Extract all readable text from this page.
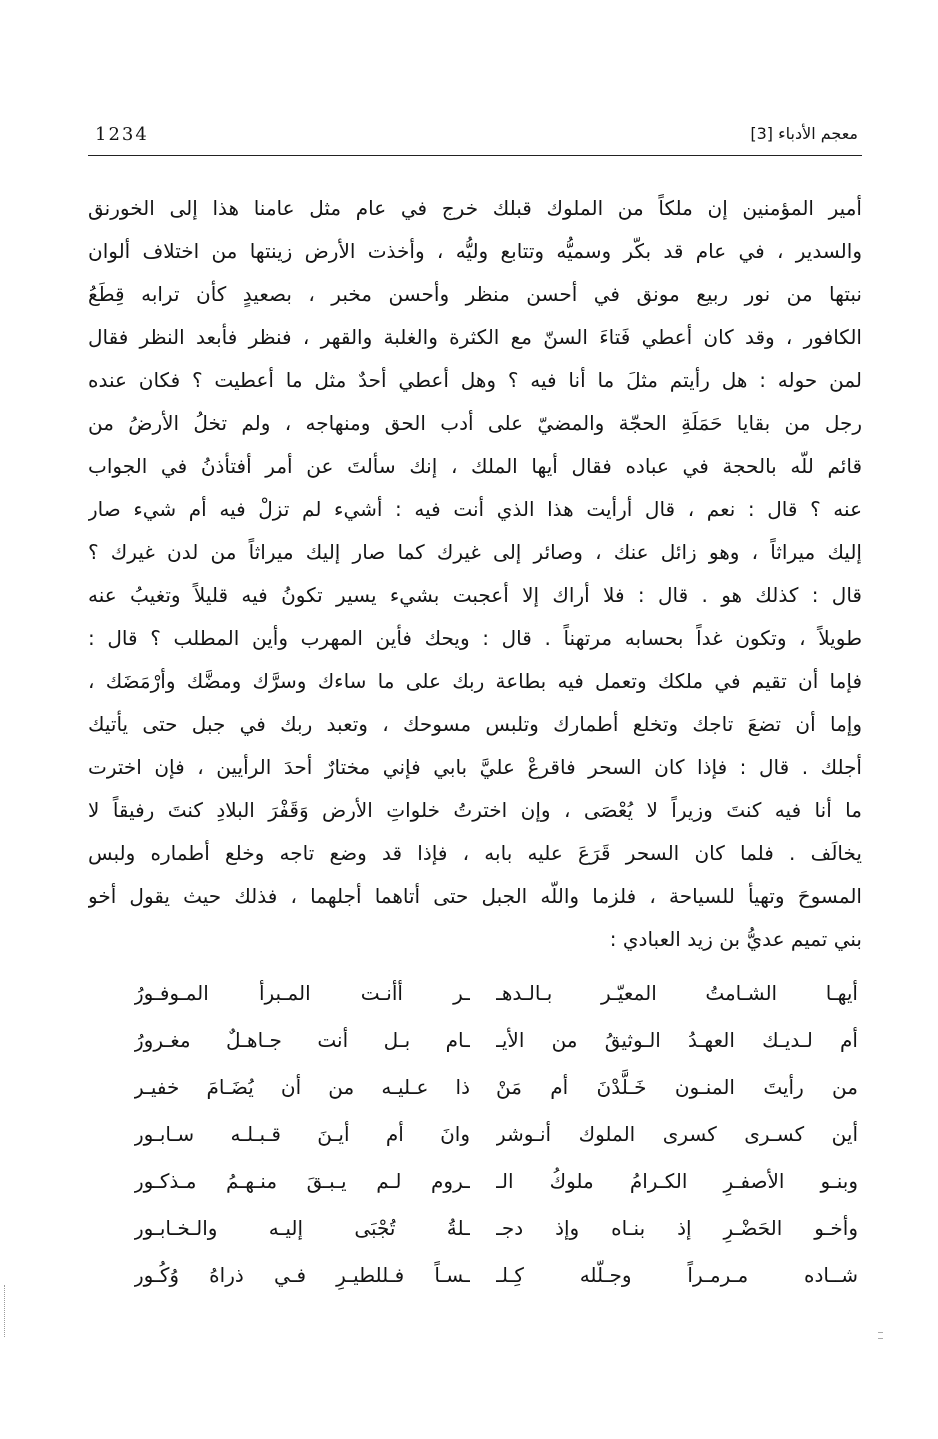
معجم الأدباء [3]
1234
أمير المؤمنين إن ملكاً من الملوك قبلك خرج في عام مثل عامنا هذا إلى الخورنق
والسدير ، في عام قد بكّر وسميُّه وتتابع وليُّه ، وأخذت الأرض زينتها من اختلاف ألوان
نبتها من نور ربيع مونق في أحسن منظر وأحسن مخبر ، بصعيدٍ كأن ترابه قِطَعُ
الكافور ، وقد كان أعطي فَتاءَ السنّ مع الكثرة والغلبة والقهر ، فنظر فأبعد النظر فقال
لمن حوله : هل رأيتم مثلَ ما أنا فيه ؟ وهل أعطي أحدٌ مثل ما أعطيت ؟ فكان عنده
رجل من بقايا حَمَلَةِ الحجّة والمضيّ على أدب الحق ومنهاجه ، ولم تخلُ الأرضُ من
قائم للّه بالحجة في عباده فقال أيها الملك ، إنك سألتَ عن أمر أفتأذنُ في الجواب
عنه ؟ قال : نعم ، قال أرأيت هذا الذي أنت فيه : أشيء لم تزلْ فيه أم شيء صار
إليك ميراثاً ، وهو زائل عنك ، وصائر إلى غيرك كما صار إليك ميراثاً من لدن غيرك ؟
قال : كذلك هو . قال : فلا أراك إلا أعجبت بشيء يسير تكونُ فيه قليلاً وتغيبُ عنه
طويلاً ، وتكون غداً بحسابه مرتهناً . قال : ويحك فأين المهرب وأين المطلب ؟ قال :
فإما أن تقيم في ملكك وتعمل فيه بطاعة ربك على ما ساءك وسرَّك ومضَّك وأرْمَضَك ،
وإما أن تضعَ تاجك وتخلع أطمارك وتلبس مسوحك ، وتعبد ربك في جبل حتى يأتيك
أجلك . قال : فإذا كان السحر فاقرعْ عليَّ بابي فإني مختارٌ أحدَ الرأيين ، فإن اخترت
ما أنا فيه كنتَ وزيراً لا يُعْصَى ، وإن اخترتُ خلواتِ الأرض وَقَفْرَ البلادِ كنتَ رفيقاً لا
يخالَف . فلما كان السحر قَرَعَ عليه بابه ، فإذا قد وضع تاجه وخلع أطماره ولبس
المسوحَ وتهيأ للسياحة ، فلزما واللّه الجبل حتى أتاهما أجلهما ، فذلك حيث يقول أخو
بني تميم عديُّ بن زيد العبادي :
أيهـا الشـامتُ المعيّـر بـالـدهـ
ـر أأنـت المـبرأ المـوفـورُ
أم لـديـك العهـدُ الـوثيقُ من الأيـ
ـام بـل أنت جـاهـلٌ مغـرورُ
من رأيتَ المنـون خَـلَّدْنَ أم مَنْ
ذا عـليـه من أن يُضَـامَ خفيـر
أين كسـرى كسرى الملوك أنـوشر
وانَ أم أيـنَ قـبـلـه سـابـور
وبنـو الأصفـرِ الكـرامُ ملوكُ الـ
ـروم لـم يـبـقَ منـهـمُ مـذكـور
وأخـو الحَضْـرِ إذ بنـاه وإذ دجـ
ـلةُ تُجْبَى إليـه والـخـابـور
شــاده مـرمـراً وجـلّله كِـلـ
ـسـاً فـللطيـرِ فـي ذراهُ وُكُـور
